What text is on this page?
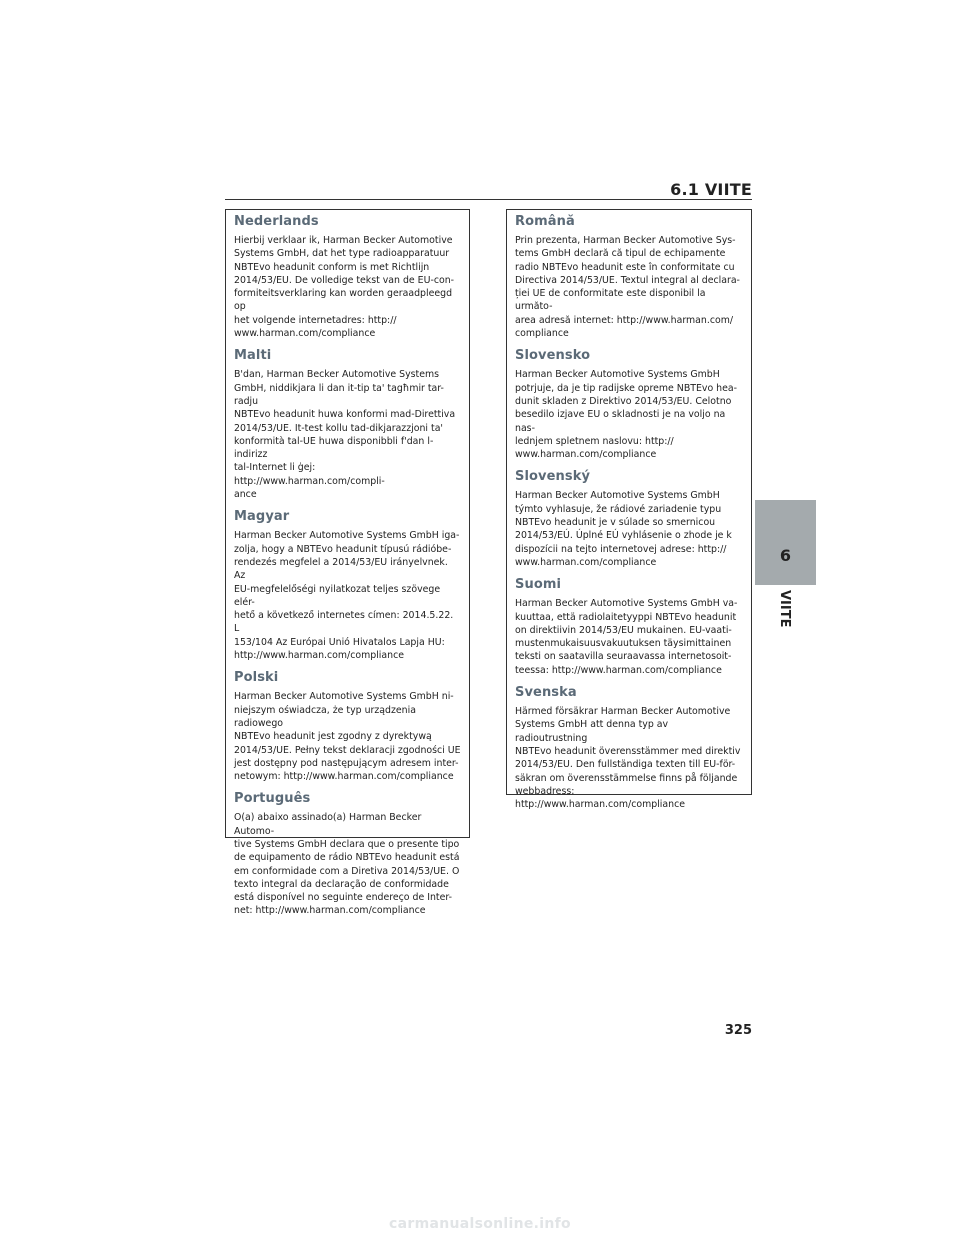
6.1 VIITE
Nederlands
Hierbij verklaar ik, Harman Becker Automotive
Systems GmbH, dat het type radioapparatuur
NBTEvo headunit conform is met Richtlijn
2014/53/EU. De volledige tekst van de EU-con-
formiteitsverklaring kan worden geraadpleegd op
het volgende internetadres: http://
www.harman.com/compliance
Malti
B'dan, Harman Becker Automotive Systems
GmbH, niddikjara li dan it-tip ta' tagħmir tar-radju
NBTEvo headunit huwa konformi mad-Direttiva
2014/53/UE. It-test kollu tad-dikjarazzjoni ta'
konformità tal-UE huwa disponibbli f'dan l-indirizz
tal-Internet li ġej: http://www.harman.com/compli-
ance
Magyar
Harman Becker Automotive Systems GmbH iga-
zolja, hogy a NBTEvo headunit típusú rádióbe-
rendezés megfelel a 2014/53/EU irányelvnek. Az
EU-megfelelőségi nyilatkozat teljes szövege elér-
hető a következő internetes címen: 2014.5.22. L
153/104 Az Európai Unió Hivatalos Lapja HU:
http://www.harman.com/compliance
Polski
Harman Becker Automotive Systems GmbH ni-
niejszym oświadcza, że typ urządzenia radiowego
NBTEvo headunit jest zgodny z dyrektywą
2014/53/UE. Pełny tekst deklaracji zgodności UE
jest dostępny pod następującym adresem inter-
netowym: http://www.harman.com/compliance
Português
O(a) abaixo assinado(a) Harman Becker Automo-
tive Systems GmbH declara que o presente tipo
de equipamento de rádio NBTEvo headunit está
em conformidade com a Diretiva 2014/53/UE. O
texto integral da declaração de conformidade
está disponível no seguinte endereço de Inter-
net: http://www.harman.com/compliance
Română
Prin prezenta, Harman Becker Automotive Sys-
tems GmbH declară că tipul de echipamente
radio NBTEvo headunit este în conformitate cu
Directiva 2014/53/UE. Textul integral al declara-
ției UE de conformitate este disponibil la următo-
area adresă internet: http://www.harman.com/
compliance
Slovensko
Harman Becker Automotive Systems GmbH
potrjuje, da je tip radijske opreme NBTEvo hea-
dunit skladen z Direktivo 2014/53/EU. Celotno
besedilo izjave EU o skladnosti je na voljo na nas-
lednjem spletnem naslovu: http://
www.harman.com/compliance
Slovenský
Harman Becker Automotive Systems GmbH
týmto vyhlasuje, že rádiové zariadenie typu
NBTEvo headunit je v súlade so smernicou
2014/53/EÚ. Úplné EÚ vyhlásenie o zhode je k
dispozícii na tejto internetovej adrese: http://
www.harman.com/compliance
Suomi
Harman Becker Automotive Systems GmbH va-
kuuttaa, että radiolaitetyyppi NBTEvo headunit
on direktiivin 2014/53/EU mukainen. EU-vaati-
mustenmukaisuusvakuutuksen täysimittainen
teksti on saatavilla seuraavassa internetosoit-
teessa: http://www.harman.com/compliance
Svenska
Härmed försäkrar Harman Becker Automotive
Systems GmbH att denna typ av radioutrustning
NBTEvo headunit överensstämmer med direktiv
2014/53/EU. Den fullständiga texten till EU-för-
säkran om överensstämmelse finns på följande
webbadress: http://www.harman.com/compliance
6
VIITE
325
carmanualsonline.info
